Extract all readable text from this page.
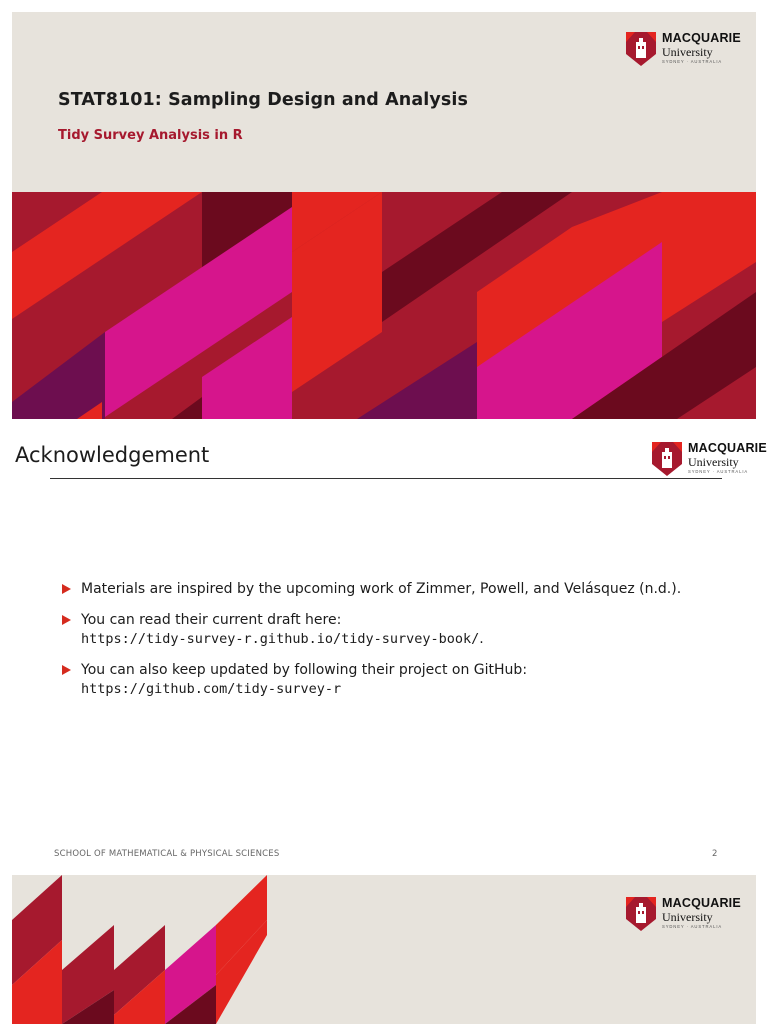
MACQUARIE
University
SYDNEY · AUSTRALIA
STAT8101: Sampling Design and Analysis
Tidy Survey Analysis in R
Acknowledgement	MACQUARIE
University
SYDNEY · AUSTRALIA
Materials are inspired by the upcoming work of Zimmer, Powell, and Velásquez (n.d.).
You can read their current draft here:
https://tidy-survey-r.github.io/tidy-survey-book/.
You can also keep updated by following their project on GitHub:
https://github.com/tidy-survey-r
SCHOOL OF MATHEMATICAL & PHYSICAL SCIENCES	2
MACQUARIE
University
SYDNEY · AUSTRALIA
